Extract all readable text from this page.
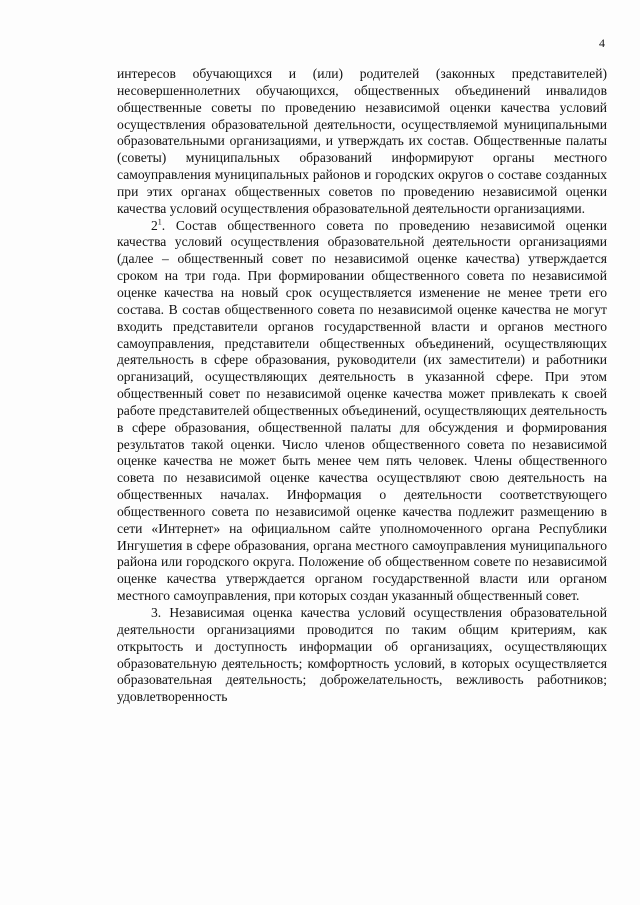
4

интересов обучающихся и (или) родителей (законных представителей) несовершеннолетних обучающихся, общественных объединений инвалидов общественные советы по проведению независимой оценки качества условий осуществления образовательной деятельности, осуществляемой муниципальными образовательными организациями, и утверждать их состав. Общественные палаты (советы) муниципальных образований информируют органы местного самоуправления муниципальных районов и городских округов о составе созданных при этих органах общественных советов по проведению независимой оценки качества условий осуществления образовательной деятельности организациями.

$2^1$. Состав общественного совета по проведению независимой оценки качества условий осуществления образовательной деятельности организациями (далее – общественный совет по независимой оценке качества) утверждается сроком на три года. При формировании общественного совета по независимой оценке качества на новый срок осуществляется изменение не менее трети его состава. В состав общественного совета по независимой оценке качества не могут входить представители органов государственной власти и органов местного самоуправления, представители общественных объединений, осуществляющих деятельность в сфере образования, руководители (их заместители) и работники организаций, осуществляющих деятельность в указанной сфере. При этом общественный совет по независимой оценке качества может привлекать к своей работе представителей общественных объединений, осуществляющих деятельность в сфере образования, общественной палаты для обсуждения и формирования результатов такой оценки. Число членов общественного совета по независимой оценке качества не может быть менее чем пять человек. Члены общественного совета по независимой оценке качества осуществляют свою деятельность на общественных началах. Информация о деятельности соответствующего общественного совета по независимой оценке качества подлежит размещению в сети «Интернет» на официальном сайте уполномоченного органа Республики Ингушетия в сфере образования, органа местного самоуправления муниципального района или городского округа. Положение об общественном совете по независимой оценке качества утверждается органом государственной власти или органом местного самоуправления, при которых создан указанный общественный совет.

3. Независимая оценка качества условий осуществления образовательной деятельности организациями проводится по таким общим критериям, как открытость и доступность информации об организациях, осуществляющих образовательную деятельность; комфортность условий, в которых осуществляется образовательная деятельность; доброжелательность, вежливость работников; удовлетворенность
